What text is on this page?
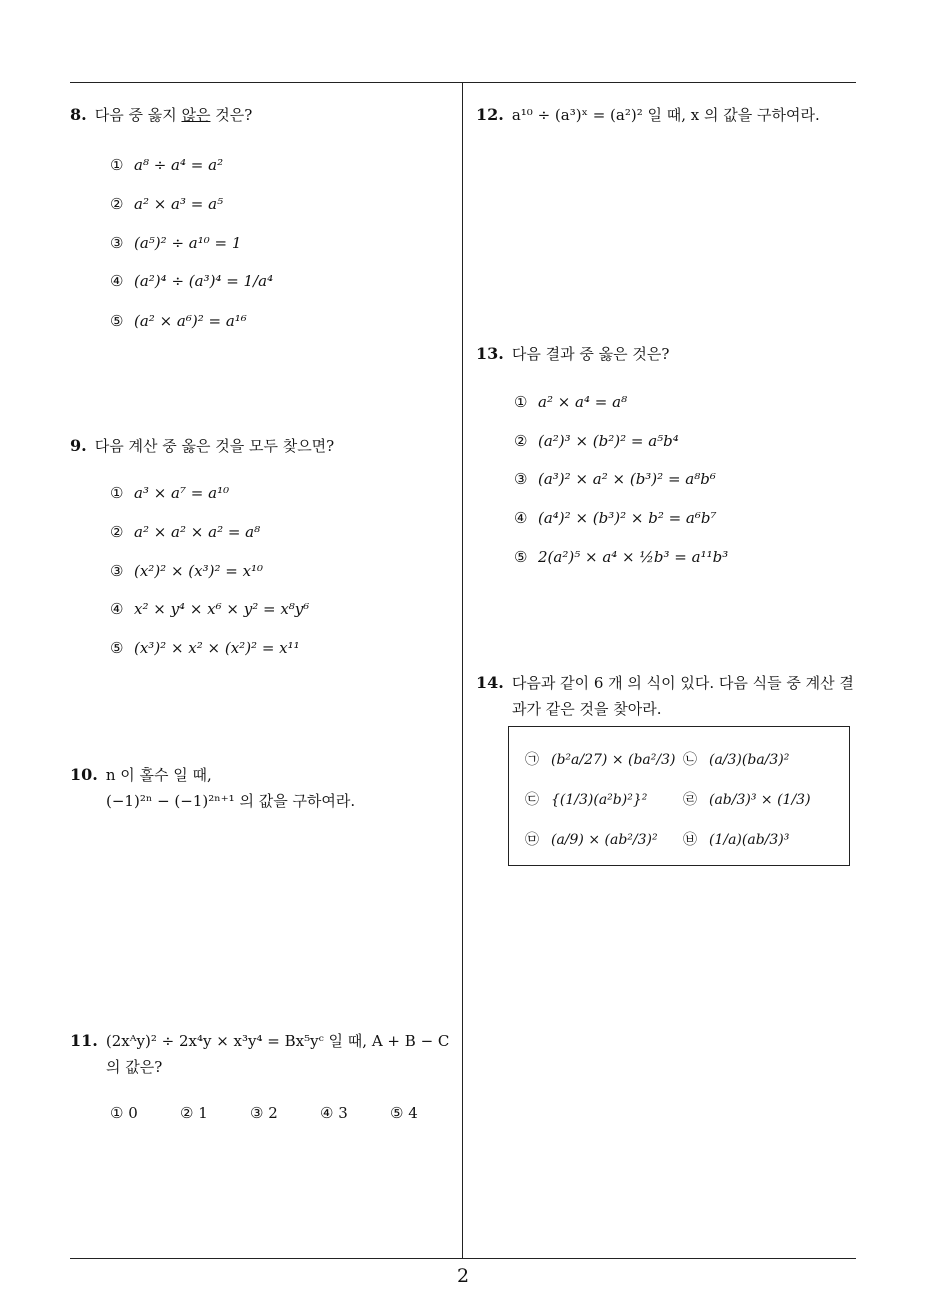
8. 다음 중 옳지 않은 것은?
① a⁸ ÷ a⁴ = a²
② a² × a³ = a⁵
③ (a⁵)² ÷ a¹⁰ = 1
④ (a²)⁴ ÷ (a³)⁴ = 1/a⁴
⑤ (a² × a⁶)² = a¹⁶
9. 다음 계산 중 옳은 것을 모두 찾으면?
① a³ × a⁷ = a¹⁰
② a² × a² × a² = a⁸
③ (x²)² × (x³)² = x¹⁰
④ x² × y⁴ × x⁶ × y² = x⁸y⁶
⑤ (x³)² × x² × (x²)² = x¹¹
10. n 이 홀수 일 때,
(−1)²ⁿ − (−1)²ⁿ⁺¹ 의 값을 구하여라.
11. (2xᴬy)² ÷ 2x⁴y × x³y⁴ = Bx⁵yᶜ 일 때, A + B − C
의 값은?
① 0	② 1	③ 2	④ 3	⑤ 4
12. a¹⁰ ÷ (a³)ˣ = (a²)² 일 때, x 의 값을 구하여라.
13. 다음 결과 중 옳은 것은?
① a² × a⁴ = a⁸
② (a²)³ × (b²)² = a⁵b⁴
③ (a³)² × a² × (b³)² = a⁸b⁶
④ (a⁴)² × (b³)² × b² = a⁶b⁷
⑤ 2(a²)⁵ × a⁴ × ½b³ = a¹¹b³
14. 다음과 같이 6 개 의 식이 있다. 다음 식들 중 계산 결
과가 같은 것을 찾아라.
㉠ (b²a/27) × (ba²/3) ㉡ (a/3)(ba/3)²
㉢ {(1/3)(a²b)²}²	㉣ (ab/3)³ × (1/3)
㉤ (a/9) × (ab²/3)² ㉥ (1/a)(ab/3)³
2
